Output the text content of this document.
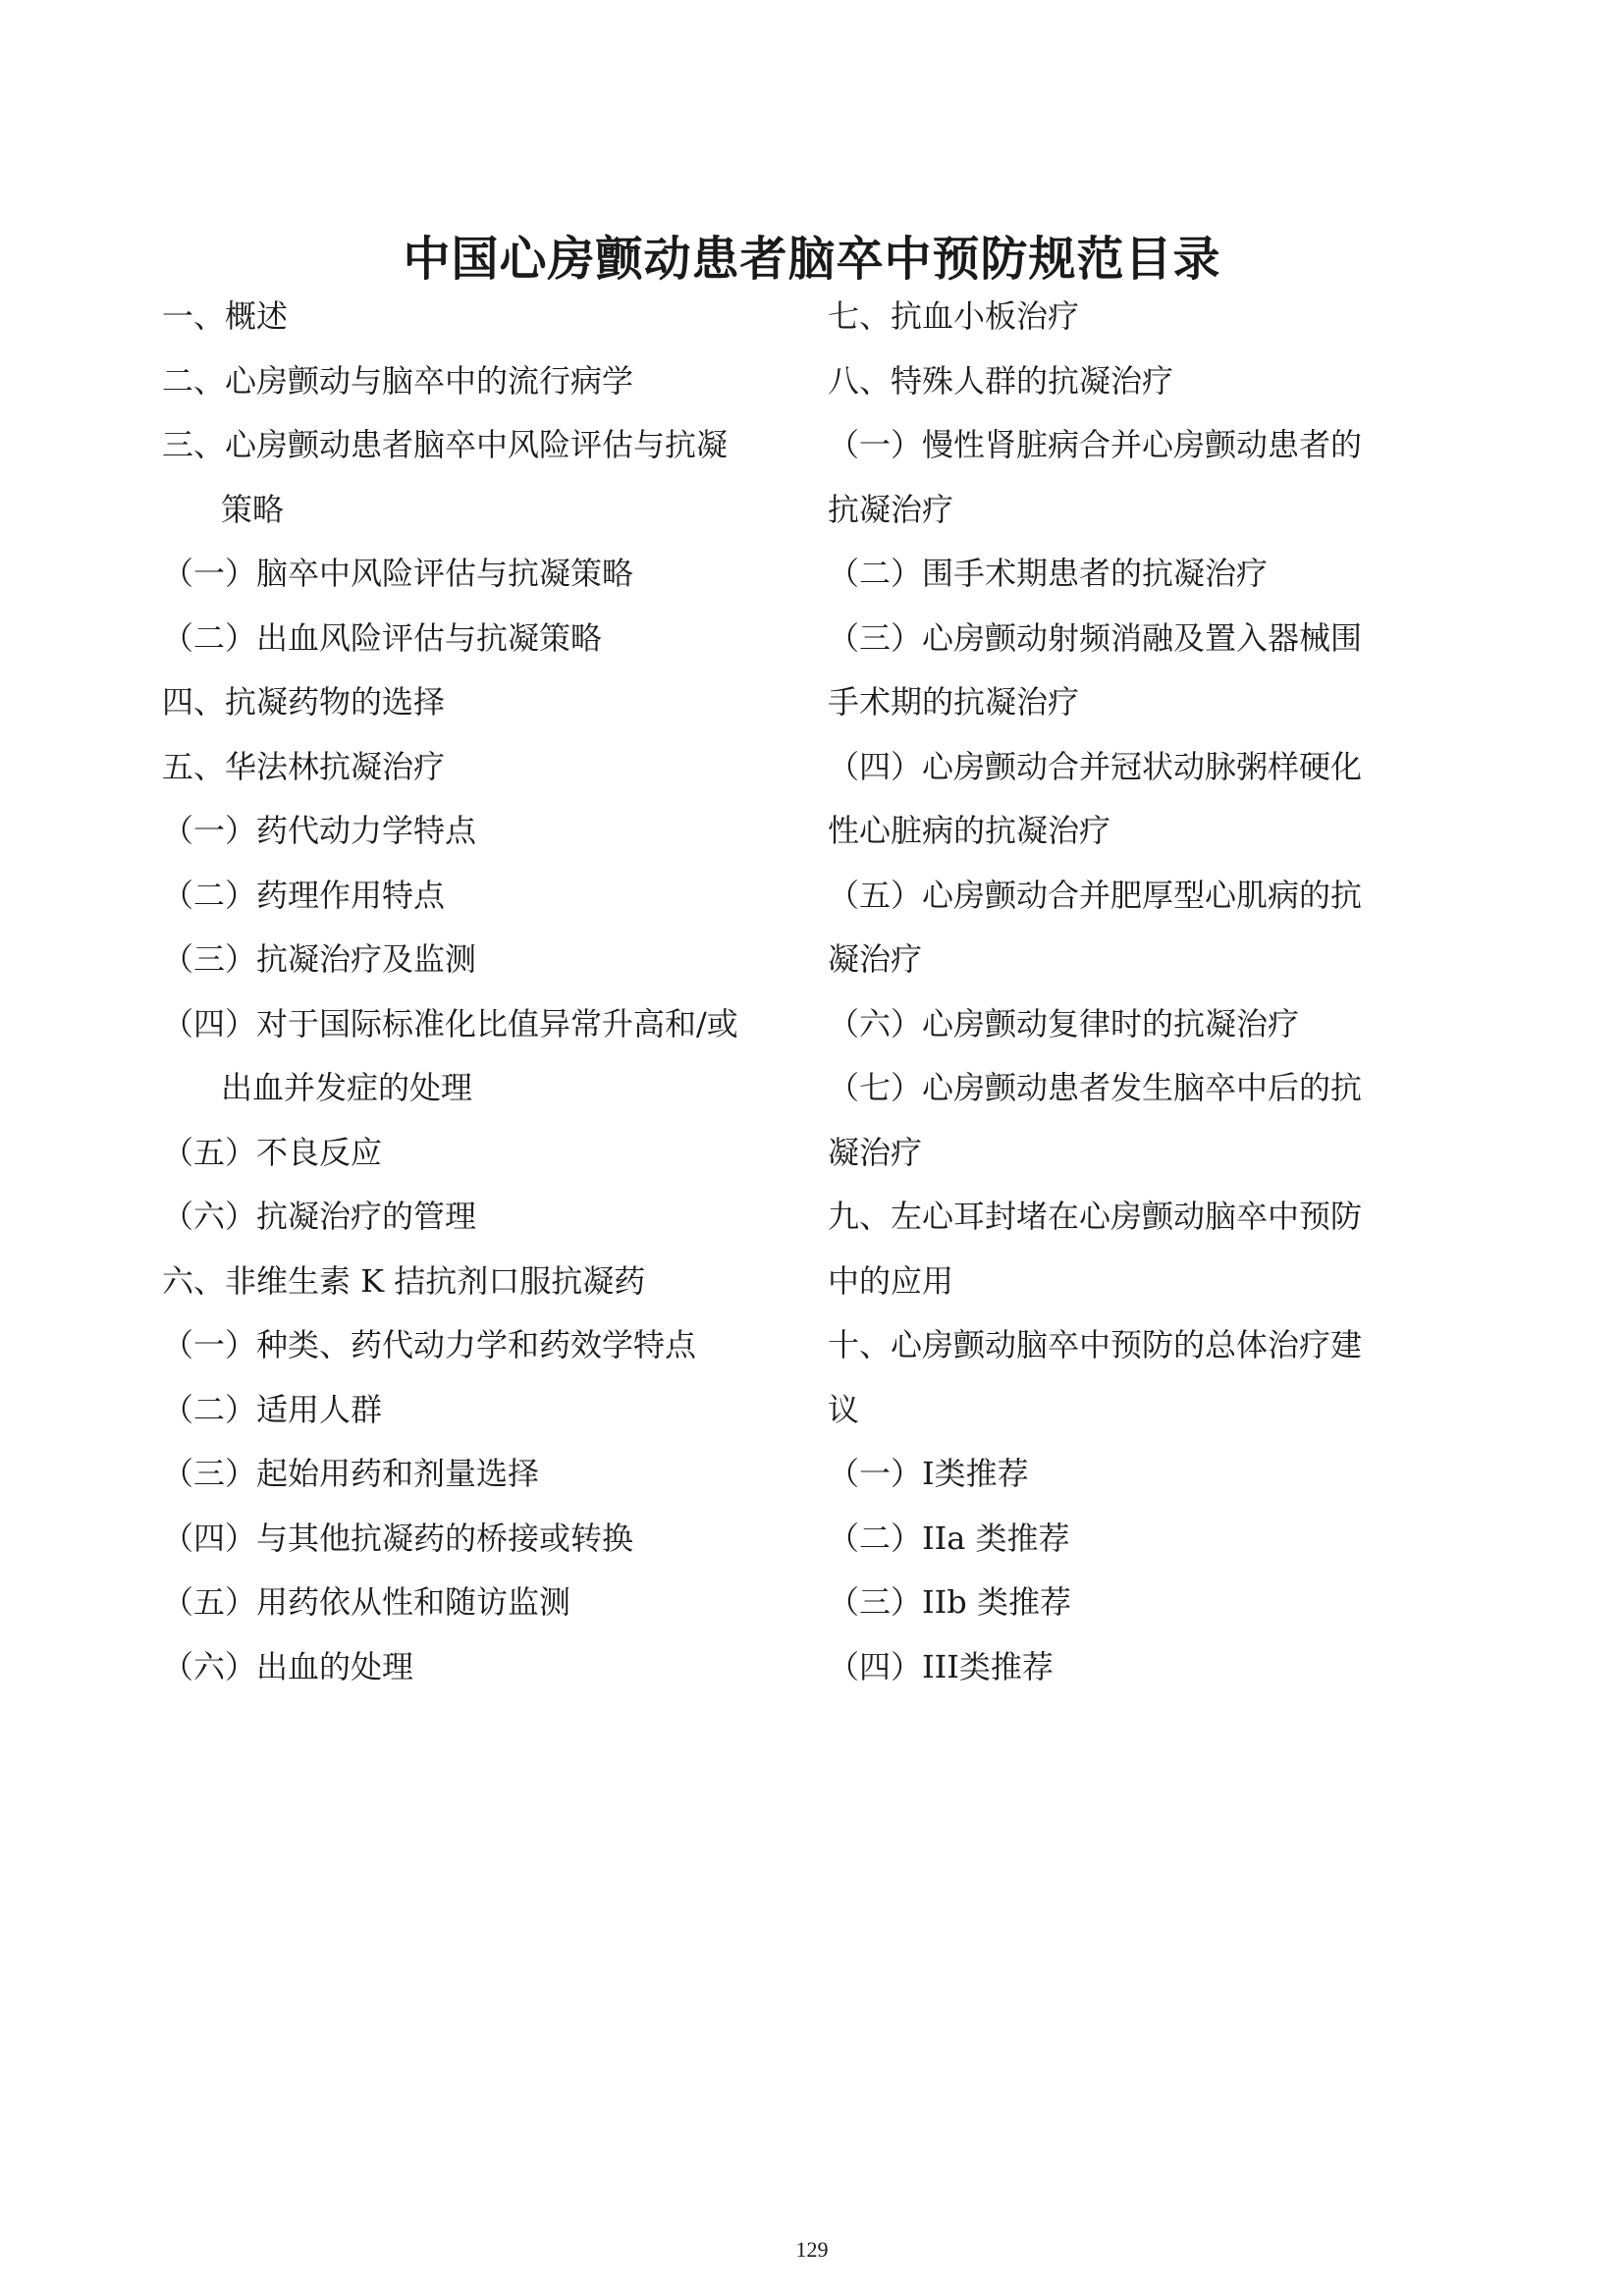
中国心房颤动患者脑卒中预防规范目录
一、概述
二、心房颤动与脑卒中的流行病学
三、心房颤动患者脑卒中风险评估与抗凝
策略
（一）脑卒中风险评估与抗凝策略
（二）出血风险评估与抗凝策略
四、抗凝药物的选择
五、华法林抗凝治疗
（一）药代动力学特点
（二）药理作用特点
（三）抗凝治疗及监测
（四）对于国际标准化比值异常升高和/或
出血并发症的处理
（五）不良反应
（六）抗凝治疗的管理
六、非维生素 K 拮抗剂口服抗凝药
（一）种类、药代动力学和药效学特点
（二）适用人群
（三）起始用药和剂量选择
（四）与其他抗凝药的桥接或转换
（五）用药依从性和随访监测
（六）出血的处理
七、抗血小板治疗
八、特殊人群的抗凝治疗
（一）慢性肾脏病合并心房颤动患者的
抗凝治疗
（二）围手术期患者的抗凝治疗
（三）心房颤动射频消融及置入器械围
手术期的抗凝治疗
（四）心房颤动合并冠状动脉粥样硬化
性心脏病的抗凝治疗
（五）心房颤动合并肥厚型心肌病的抗
凝治疗
（六）心房颤动复律时的抗凝治疗
（七）心房颤动患者发生脑卒中后的抗
凝治疗
九、左心耳封堵在心房颤动脑卒中预防
中的应用
十、心房颤动脑卒中预防的总体治疗建
议
（一）I类推荐
（二）IIa 类推荐
（三）IIb 类推荐
（四）III类推荐
129
